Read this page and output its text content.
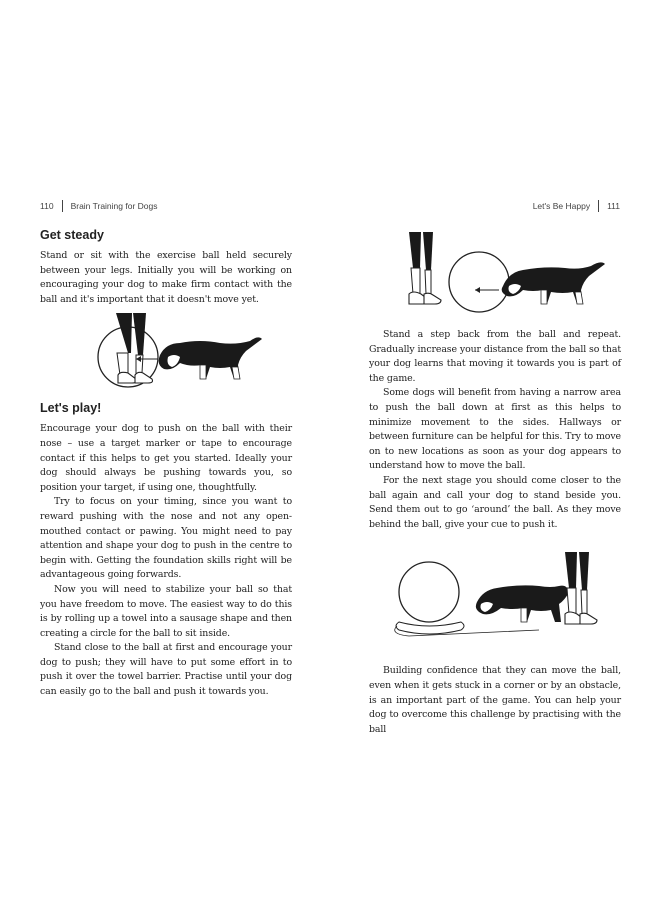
110 Brain Training for Dogs	Let's Be Happy 111
Get steady

Stand or sit with the exercise ball held securely between your legs. Initially you will be working on encouraging your dog to make firm contact with the ball and it's important that it doesn't move yet.

Let's play!

Encourage your dog to push on the ball with their nose – use a target marker or tape to encourage contact if this helps to get you started. Ideally your dog should always be pushing towards you, so position your target, if using one, thoughtfully.

Try to focus on your timing, since you want to reward pushing with the nose and not any open-mouthed contact or pawing. You might need to pay attention and shape your dog to push in the centre to begin with. Getting the foundation skills right will be advantageous going forwards.

Now you will need to stabilize your ball so that you have freedom to move. The easiest way to do this is by rolling up a towel into a sausage shape and then creating a circle for the ball to sit inside.

Stand close to the ball at first and encourage your dog to push; they will have to put some effort in to push it over the towel barrier. Practise until your dog can easily go to the ball and push it towards you.

Stand a step back from the ball and repeat. Gradually increase your distance from the ball so that your dog learns that moving it towards you is part of the game.

Some dogs will benefit from having a narrow area to push the ball down at first as this helps to minimize movement to the sides. Hallways or between furniture can be helpful for this. Try to move on to new locations as soon as your dog appears to understand how to move the ball.

For the next stage you should come closer to the ball again and call your dog to stand beside you. Send them out to go ‘around’ the ball. As they move behind the ball, give your cue to push it.

Building confidence that they can move the ball, even when it gets stuck in a corner or by an obstacle, is an important part of the game. You can help your dog to overcome this challenge by practising with the ball
